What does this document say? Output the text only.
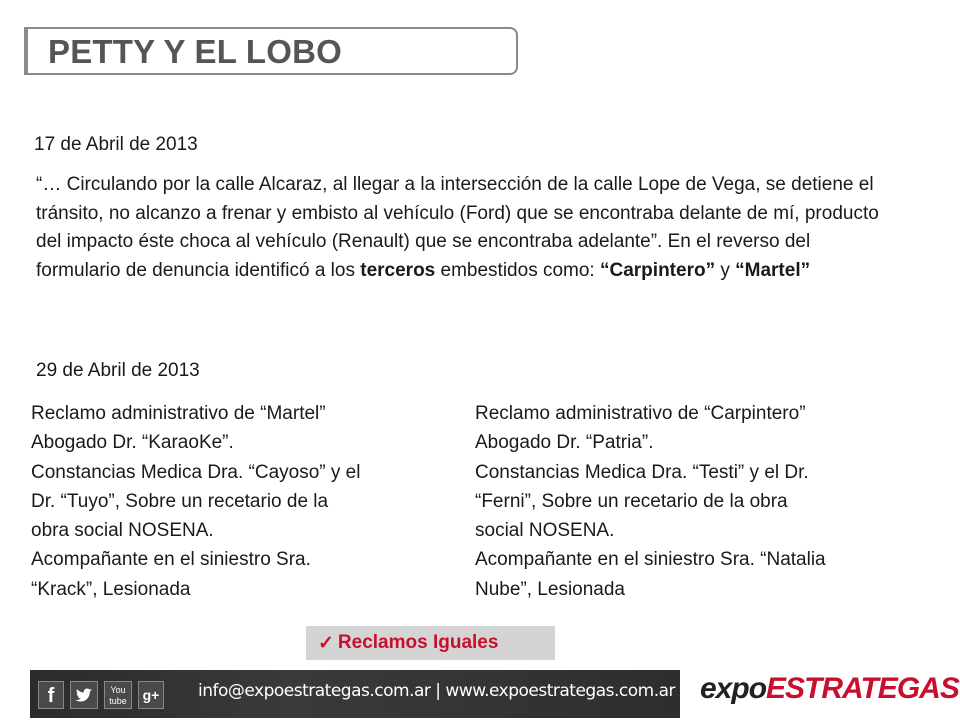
PETTY Y EL LOBO
17 de Abril de 2013
“… Circulando por la calle Alcaraz, al llegar a la intersección de la calle Lope de Vega, se detiene el tránsito, no alcanzo a frenar y embisto al vehículo (Ford) que se encontraba delante de mí, producto del impacto éste choca al vehículo (Renault) que se encontraba adelante”. En el reverso del formulario de denuncia identificó a los terceros embestidos como: “Carpintero” y “Martel”
29 de Abril de 2013
Reclamo administrativo de “Martel”
Abogado Dr. “KaraoKe”.
Constancias Medica Dra. “Cayoso” y el
Dr. “Tuyo”, Sobre un recetario de la
obra social NOSENA.
Acompañante en el siniestro Sra.
“Krack”, Lesionada
Reclamo administrativo de “Carpintero”
Abogado Dr. “Patria”.
Constancias Medica Dra. “Testi” y el Dr.
“Ferni”, Sobre un recetario de la obra
social NOSENA.
Acompañante en el siniestro Sra. “Natalia
Nube”, Lesionada
✓ Reclamos Iguales
f	You
tube	g+ info@expoestrategas.com.ar | www.expoestrategas.com.ar expoESTRATEGAS
